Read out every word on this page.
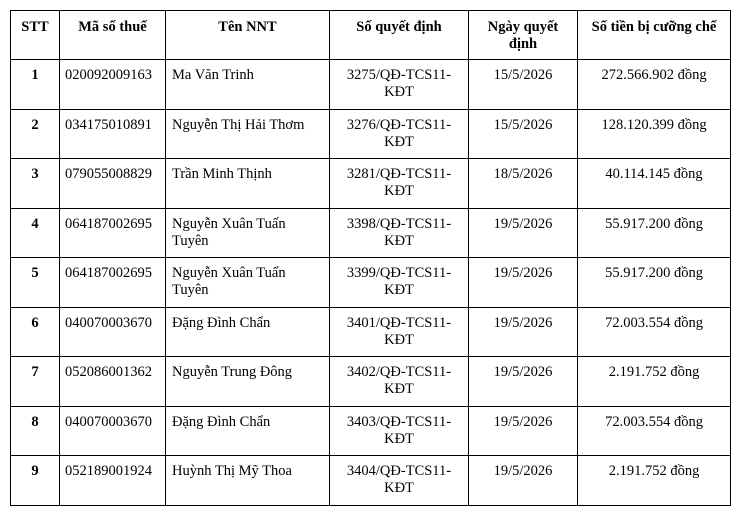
STT	Mã số thuế	Tên NNT	Số quyết định	Ngày quyết định	Số tiền bị cưỡng chế
1	020092009163	Ma Văn Trinh	3275/QĐ-TCS11-KĐT	15/5/2026	272.566.902 đồng
2	034175010891	Nguyễn Thị Hải Thơm	3276/QĐ-TCS11-KĐT	15/5/2026	128.120.399 đồng
3	079055008829	Trần Minh Thịnh	3281/QĐ-TCS11-KĐT	18/5/2026	40.114.145 đồng
4	064187002695	Nguyễn Xuân Tuấn Tuyên	3398/QĐ-TCS11-KĐT	19/5/2026	55.917.200 đồng
5	064187002695	Nguyễn Xuân Tuấn Tuyên	3399/QĐ-TCS11-KĐT	19/5/2026	55.917.200 đồng
6	040070003670	Đặng Đình Chẩn	3401/QĐ-TCS11-KĐT	19/5/2026	72.003.554 đồng
7	052086001362	Nguyễn Trung Đông	3402/QĐ-TCS11-KĐT	19/5/2026	2.191.752 đồng
8	040070003670	Đặng Đình Chẩn	3403/QĐ-TCS11-KĐT	19/5/2026	72.003.554 đồng
9	052189001924	Huỳnh Thị Mỹ Thoa	3404/QĐ-TCS11-KĐT	19/5/2026	2.191.752 đồng
